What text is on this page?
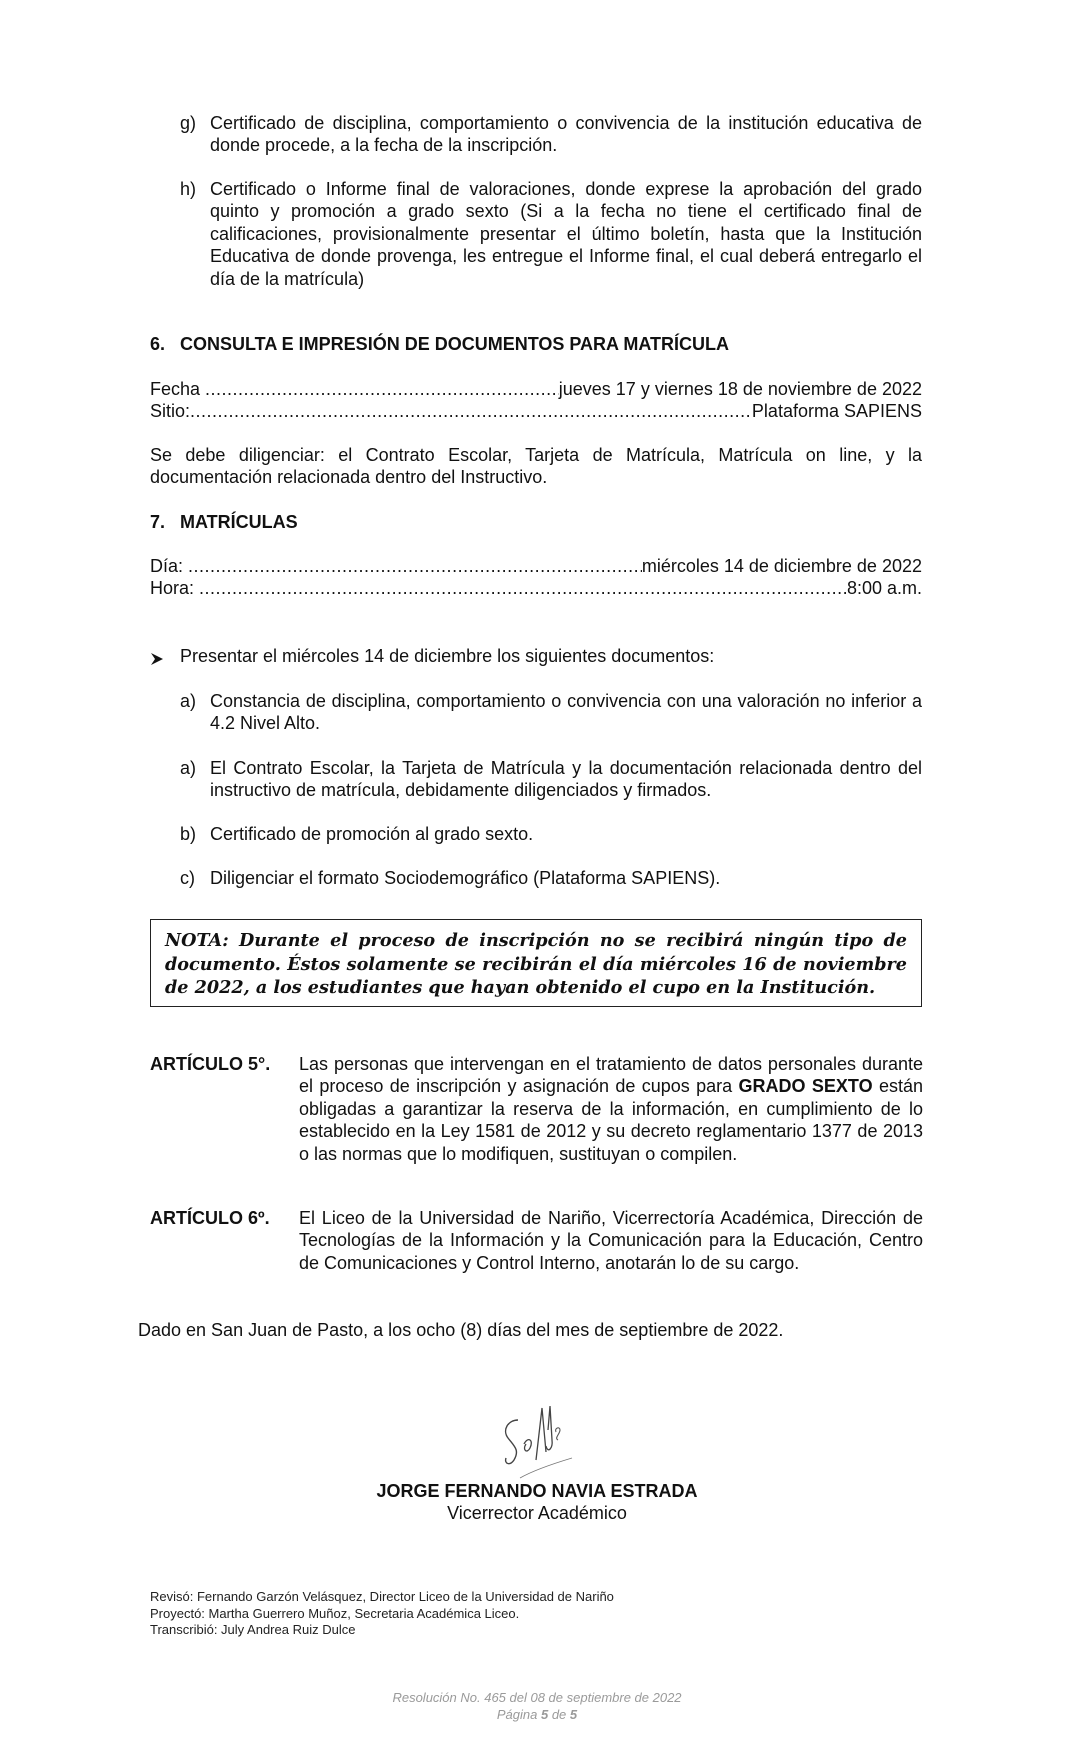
g) Certificado de disciplina, comportamiento o convivencia de la institución educativa de donde procede, a la fecha de la inscripción.
h) Certificado o Informe final de valoraciones, donde exprese la aprobación del grado quinto y promoción a grado sexto (Si a la fecha no tiene el certificado final de calificaciones, provisionalmente presentar el último boletín, hasta que la Institución Educativa de donde provenga, les entregue el Informe final, el cual deberá entregarlo el día de la matrícula)
6.   CONSULTA E IMPRESIÓN DE DOCUMENTOS PARA MATRÍCULA
Fecha .....	jueves 17 y viernes 18 de noviembre de 2022
Sitio: .....	Plataforma SAPIENS

Se debe diligenciar: el Contrato Escolar, Tarjeta de Matrícula, Matrícula on line, y la documentación relacionada dentro del Instructivo.

7.   MATRÍCULAS
Día: .....	miércoles 14 de diciembre de 2022
Hora: .....	8:00 a.m.
Presentar el miércoles 14 de diciembre los siguientes documentos:
a) Constancia de disciplina, comportamiento o convivencia con una valoración no inferior a 4.2 Nivel Alto.
a) El Contrato Escolar, la Tarjeta de Matrícula y la documentación relacionada dentro del instructivo de matrícula, debidamente diligenciados y firmados.
b) Certificado de promoción al grado sexto.
c) Diligenciar el formato Sociodemográfico (Plataforma SAPIENS).
NOTA: Durante el proceso de inscripción no se recibirá ningún tipo de documento. Éstos solamente se recibirán el día miércoles 16 de noviembre de 2022, a los estudiantes que hayan obtenido el cupo en la Institución.
ARTÍCULO 5°. Las personas que intervengan en el tratamiento de datos personales durante el proceso de inscripción y asignación de cupos para GRADO SEXTO están obligadas a garantizar la reserva de la información, en cumplimiento de lo establecido en la Ley 1581 de 2012 y su decreto reglamentario 1377 de 2013 o las normas que lo modifiquen, sustituyan o compilen.
ARTÍCULO 6º. El Liceo de la Universidad de Nariño, Vicerrectoría Académica, Dirección de Tecnologías de la Información y la Comunicación para la Educación, Centro de Comunicaciones y Control Interno, anotarán lo de su cargo.
Dado en San Juan de Pasto, a los ocho (8) días del mes de septiembre de 2022.
JORGE FERNANDO NAVIA ESTRADA
Vicerrector Académico
Revisó: Fernando Garzón Velásquez, Director Liceo de la Universidad de Nariño
Proyectó: Martha Guerrero Muñoz, Secretaria Académica Liceo.
Transcribió: July Andrea Ruiz Dulce
Resolución No. 465 del 08 de septiembre de 2022
Página 5 de 5
